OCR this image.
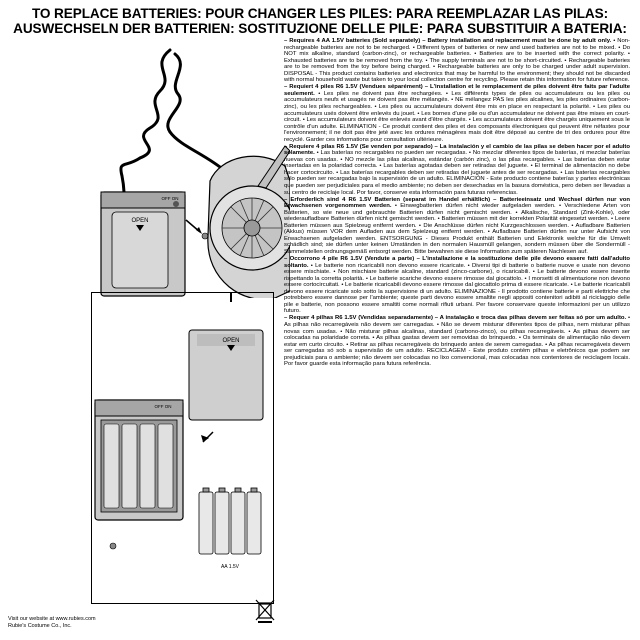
TO REPLACE BATTERIES: POUR CHANGER LES PILES: PARA REEMPLAZAR LAS PILAS:
AUSWECHSELN DER BATTERIEN: SOSTITUZIONE DELLE PILE: PARA SUBSTITUIR A BATERIA:
OPEN
OFF ON
OPEN
OFF ON
AA 1.5V

– Requires 4 AA 1.5V batteries (Sold separately) – Battery installation and replacement must be done by adult only. • Non-rechargeable batteries are not to be recharged. • Different types of batteries or new and used batteries are not to be mixed. • Do NOT mix alkaline, standard (carbon-zinc), or rechargeable batteries. • Batteries are to be inserted with the correct polarity. • Exhausted batteries are to be removed from the toy. • The supply terminals are not to be short-circuited. • Rechargeable batteries are to be removed from the toy before being charged. • Rechargeable batteries are only to be charged under adult supervision. DISPOSAL - This product contains batteries and electronics that may be harmful to the environment; they should not be discarded with normal household waste but taken to your local collection centre for recycling. Please retain this information for future reference.

– Requiert 4 piles R6 1.5V (Vendues séparément) – L'installation et le remplacement de piles doivent être faits par l'adulte seulement. • Les piles ne doivent pas être rechargées. • Les différents types de piles ou accumulateurs ou les piles ou accumulateurs neufs et usagés ne doivent pas être mélangés. • NE mélangez PAS les piles alcalines, les piles ordinaires (carbon-zinc), ou les piles rechargeables. • Les piles ou accumulateurs doivent être mis en place en respectant la polarité. • Les piles ou accumulateurs usés doivent être enlevés du jouet. • Les bornes d'une pile ou d'un accumulateur ne doivent pas être mises en court-circuit. • Les accumulateurs doivent être enlevés avant d'être chargés. • Les accumulateurs doivent être chargés uniquement sous le contrôle d'un adulte. ELIMINATION - Ce produit contient des piles et des composants électroniques qui peuvent être néfastes pour l'environnement; il ne doit pas être jeté avec les ordures ménagères mais doit être déposé au centre de tri des ordures pour être recyclé. Garder ces informations pour consultation ultérieure.

– Requiere 4 pilas R6 1.5V (Se venden por separado) – La instalación y el cambio de las pilas se deben hacer por el adulto solamente. • Las baterías no recargables no pueden ser recargadas. • No mezclar diferentes tipos de baterías, ni mezclar baterías nuevas con usadas. • NO mezcle las pilas alcalinas, estándar (carbón zinc), o las pilas recargables. • Las baterías deben estar insertadas en la polaridad correcta. • Las baterías agotadas deben ser retiradas del juguete. • El terminal de alimentación no debe hacer cortocircuito. • Las baterías recargables deben ser retiradas del juguete antes de ser recargadas. • Las baterías recargables sólo pueden ser recargadas bajo la supervisión de un adulto. ELIMINACIÓN - Este producto contiene baterías y partes electrónicas que pueden ser perjudiciales para el medio ambiente; no deben ser desechadas en la basura doméstica, pero deben ser llevadas a su centro de reciclaje local. Por favor, conserve esta información para futuras referencias.

– Erforderlich sind 4 R6 1.5V Batterien (separat im Handel erhältlich) – Batterieeinsatz und Wechsel dürfen nur von Erwachsenen vorgenommen werden. • Einwegbatterien dürfen nicht wieder aufgeladen werden. • Verschiedene Arten von Batterien, so wie neue und gebrauchte Batterien dürfen nicht gemischt werden. • Alkalische, Standard (Zink-Kohle), oder wiederaufladbare Batterien dürfen nicht gemischt werden. • Batterien müssen mit der korrekten Polarität eingesetzt werden. • Leere Batterien müssen aus Spielzeug entfernt werden. • Die Anschlüsse dürfen nicht Kurzgeschlossen werden. • Aufladbare Batterien (Akkus) müssen VOR dem Aufladen aus dem Spielzeug entfernt werden. • Aufladbare Batterien dürfen nur unter Aufsicht von Erwachsenen aufgeladen werden. ENTSORGUNG - Dieses Produkt enthält Batterien und Elektronik welche für die Umwelt schädlich sind; sie dürfen unter keinen Umständen in den normalen Hausmüll gelangen, sondern müssen über die Sondermüll - Sammelstellen ordnungsgemäß entsorgt werden. Bitte bewahren sie diese Information zum späteren Nachlesen auf.

– Occorrono 4 pile R6 1.5V (Vendute a parte) – L'installazione e la sostituzione delle pile devono essere fatti dall'adulto soltanto. • Le batterie non ricaricabili non devono essere ricaricate. • Diversi tipi di batterie o batterie nuove e usate non devono essere mischiate. • Non mischiare batterie alcaline, standard (zinco-carbone), o ricaricabili. • Le batterie devono essere inserite rispettando la corretta polarità. • Le batterie scariche devono essere rimosse dal giocattolo. • I morsetti di alimentazione non devono essere cortocircuitati. • Le batterie ricaricabili devono essere rimosse dal giocattolo prima di essere ricaricate. • Le batterie ricaricabili devono essere ricaricate solo sotto la supervisione di un adulto. ELIMINAZIONE - Il prodotto contiene batterie e parti elettriche che potrebbero essere dannose per l'ambiente; queste parti devono essere smaltite negli appositi contenitori adibiti al riciclaggio delle pile e batterie, non possono essere smaltiti come normali rifiuti urbani. Per favore conservare queste informazioni per un utilizzo futuro.

– Requer 4 pilhas R6 1.5V (Vendidas separadamente) – A instalação e troca das pilhas devem ser feitas só por um adulto. • As pilhas não recarregáveis não devem ser carregadas. • Não se devem misturar diferentes tipos de pilhas, nem misturar pilhas novas com usadas. • Não misturar pilhas alcalinas, standard (carbono-zinco), ou pilhas recarregáveis. • As pilhas devem ser colocadas na polaridade correta. • As pilhas gastas devem ser removidas do brinquedo. • Os terminais de alimentação não devem estar em curto circuito. • Retirar as pilhas recarregáveis do brinquedo antes de serem carregadas. • As pilhas recarregáveis devem ser carregadas só sob a supervisão de um adulto. RECICLAGEM - Este produto contém pilhas e eletrônicos que podem ser prejudiciais para o ambiente; não devem ser colocadas no lixo convencional, mas colocadas nos contentores de reciclagem locais. Por favor guarde esta informação para futura referência.

Visit our website at www.rubies.com
Rubie's Costume Co., Inc.
